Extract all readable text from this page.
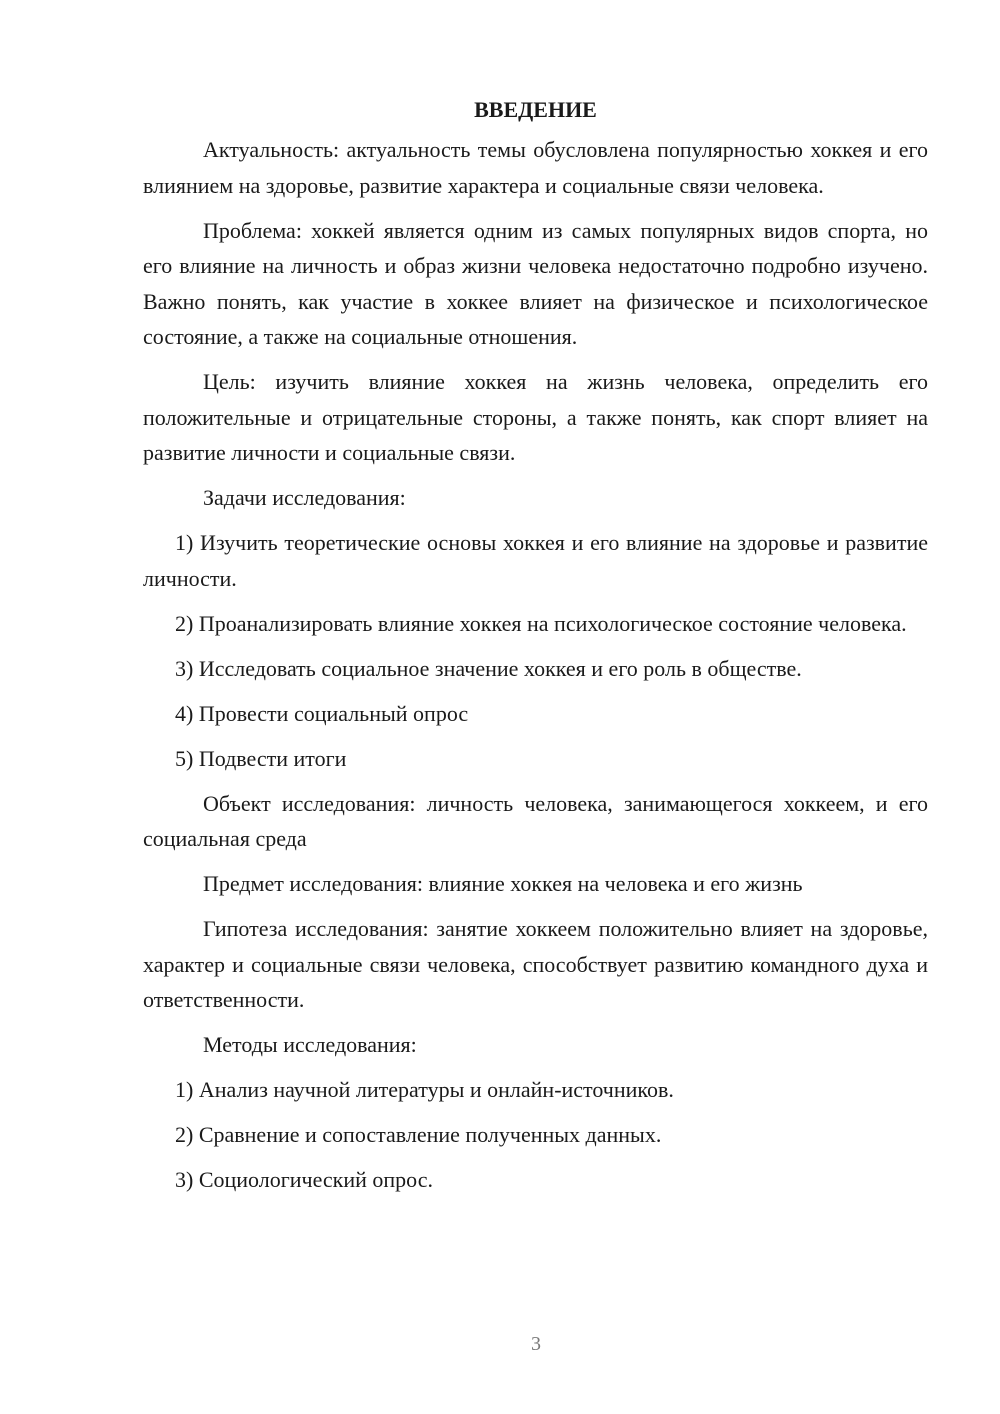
ВВЕДЕНИЕ

Актуальность: актуальность темы обусловлена популярностью хоккея и его влиянием на здоровье, развитие характера и социальные связи человека.

Проблема: хоккей является одним из самых популярных видов спорта, но его влияние на личность и образ жизни человека недостаточно подробно изучено. Важно понять, как участие в хоккее влияет на физическое и психологическое состояние, а также на социальные отношения.

Цель: изучить влияние хоккея на жизнь человека, определить его положительные и отрицательные стороны, а также понять, как спорт влияет на развитие личности и социальные связи.

Задачи исследования:

1) Изучить теоретические основы хоккея и его влияние на здоровье и развитие личности.

2) Проанализировать влияние хоккея на психологическое состояние человека.

3) Исследовать социальное значение хоккея и его роль в обществе.

4) Провести социальный опрос

5) Подвести итоги

Объект исследования: личность человека, занимающегося хоккеем, и его социальная среда

Предмет исследования: влияние хоккея на человека и его жизнь

Гипотеза исследования: занятие хоккеем положительно влияет на здоровье, характер и социальные связи человека, способствует развитию командного духа и ответственности.

Методы исследования:

1) Анализ научной литературы и онлайн-источников.

2) Сравнение и сопоставление полученных данных.

3) Социологический опрос.

3
